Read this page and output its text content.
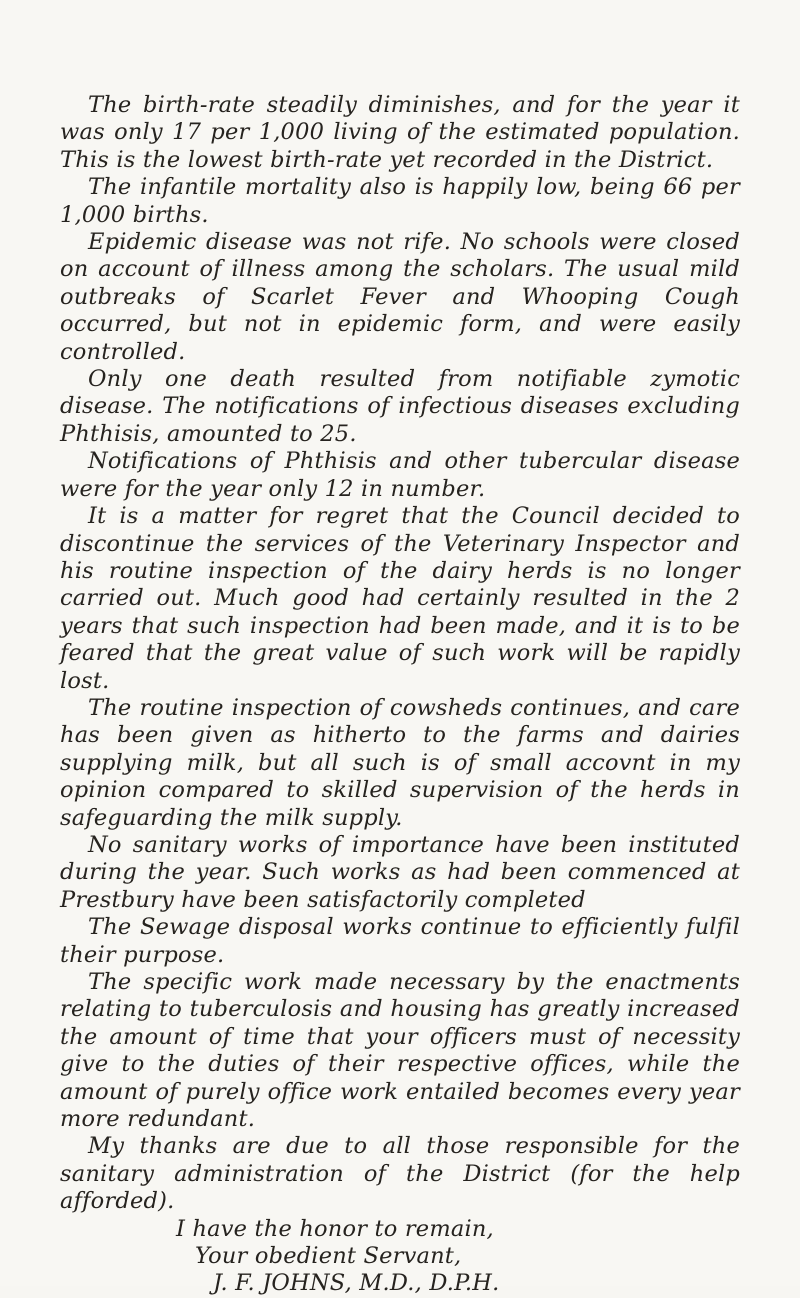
The birth-rate steadily diminishes, and for the year it was only 17 per 1,000 living of the estimated population. This is the lowest birth-rate yet recorded in the District.

The infantile mortality also is happily low, being 66 per 1,000 births.

Epidemic disease was not rife. No schools were closed on account of illness among the scholars. The usual mild outbreaks of Scarlet Fever and Whooping Cough occurred, but not in epidemic form, and were easily controlled.

Only one death resulted from notifiable zymotic disease. The notifications of infectious diseases excluding Phthisis, amounted to 25.

Notifications of Phthisis and other tubercular disease were for the year only 12 in number.

It is a matter for regret that the Council decided to discontinue the services of the Veterinary Inspector and his routine inspection of the dairy herds is no longer carried out. Much good had certainly resulted in the 2 years that such inspection had been made, and it is to be feared that the great value of such work will be rapidly lost.

The routine inspection of cowsheds continues, and care has been given as hitherto to the farms and dairies supplying milk, but all such is of small accovnt in my opinion compared to skilled supervision of the herds in safeguarding the milk supply.

No sanitary works of importance have been instituted during the year. Such works as had been commenced at Prestbury have been satisfactorily completed

The Sewage disposal works continue to efficiently fulfil their purpose.

The specific work made necessary by the enactments relating to tuberculosis and housing has greatly increased the amount of time that your officers must of necessity give to the duties of their respective offices, while the amount of purely office work entailed becomes every year more redundant.

My thanks are due to all those responsible for the sanitary administration of the District (for the help afforded).

I have the honor to remain,

Your obedient Servant,

J. F. JOHNS, M.D., D.P.H.
